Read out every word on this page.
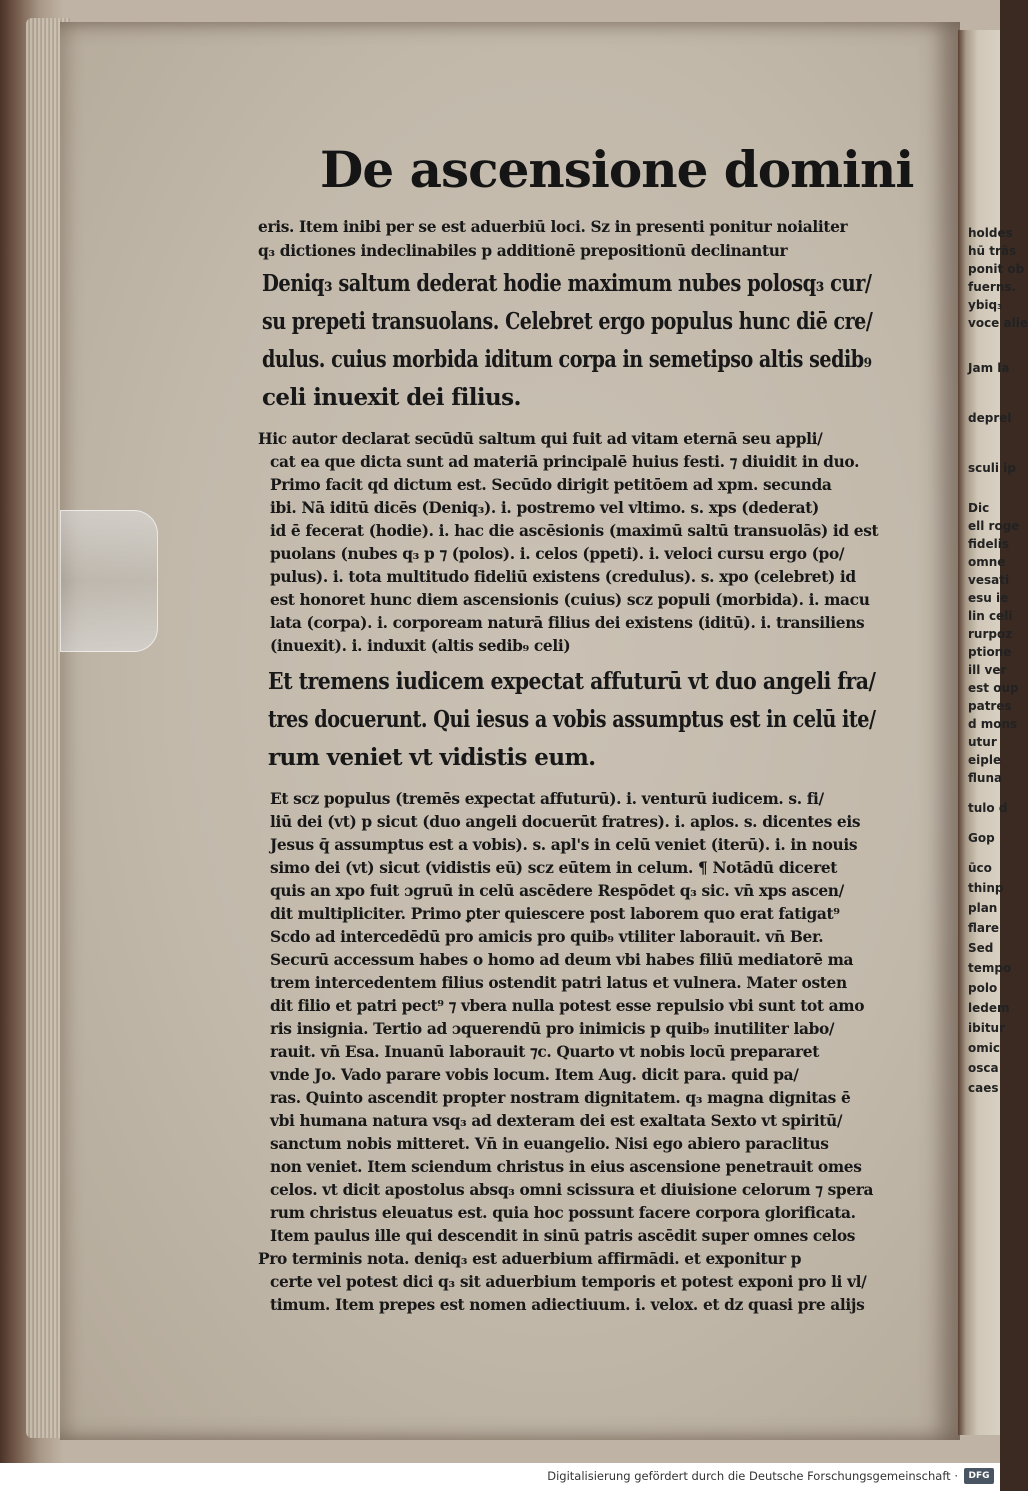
holdes
hū trās
ponit ob
fuerns.
ybiq₃
voce alie
Jam la
deprel
sculi ip
Dic
ell roge
fidelis
omne
vesati
esu ie
lin celi
rurpoz
ptione
ill ver
est oup
patres
d mons
utur
eiple
fluna
tulo d
Gop
ūco
thinp
plan
flare
Sed
tempo
polo
ledem
ibitur
omic
osca
caes
De ascensione domini
eris. Item inibi per se est aduerbiū loci. Sz in presenti ponitur noialiter
q₃ dictiones indeclinabiles p additionē prepositionū declinantur
Deniq₃ saltum dederat hodie maximum nubes polosq₃ cur/
su prepeti transuolans. Celebret ergo populus hunc diē cre/
dulus. cuius morbida iditum corpa in semetipso altis sedib₉
celi inuexit dei filius.
Hic autor declarat secūdū saltum qui fuit ad vitam eternā seu appli/
cat ea que dicta sunt ad materiā principalē huius festi. ⁊ diuidit in duo.
Primo facit qd dictum est. Secūdo dirigit petitōem ad xpm. secunda
ibi. Nā iditū dicēs (Deniq₃). i. postremo vel vltimo. s. xps (dederat)
id ē fecerat (hodie). i. hac die ascēsionis (maximū saltū transuolās) id est
puolans (nubes q₃ p ⁊ (polos). i. celos (ppeti). i. veloci cursu ergo (po/
pulus). i. tota multitudo fideliū existens (credulus). s. xpo (celebret) id
est honoret hunc diem ascensionis (cuius) scz populi (morbida). i. macu
lata (corpa). i. corpoream naturā filius dei existens (iditū). i. transiliens
(inuexit). i. induxit (altis sedib₉ celi)
Et tremens iudicem expectat affuturū vt duo angeli fra/
tres docuerunt. Qui iesus a vobis assumptus est in celū ite/
rum veniet vt vidistis eum.
Et scz populus (tremēs expectat affuturū). i. venturū iudicem. s. fi/
liū dei (vt) p sicut (duo angeli docuerūt fratres). i. aplos. s. dicentes eis
Jesus q̄ assumptus est a vobis). s. apl's in celū veniet (iterū). i. in nouis
simo dei (vt) sicut (vidistis eū) scz eūtem in celum. ¶ Notādū diceret
quis an xpo fuit ɔgruū in celū ascēdere Respōdet q₃ sic. vn̄ xps ascen/
dit multipliciter. Primo ꝑter quiescere post laborem quo erat fatigat⁹
Scdo ad intercedēdū pro amicis pro quib₉ vtiliter laborauit. vn̄ Ber.
Securū accessum habes o homo ad deum vbi habes filiū mediatorē ma
trem intercedentem filius ostendit patri latus et vulnera. Mater osten
dit filio et patri pect⁹ ⁊ vbera nulla potest esse repulsio vbi sunt tot amo
ris insignia. Tertio ad ɔquerendū pro inimicis p quib₉ inutiliter labo/
rauit. vn̄ Esa. Inuanū laborauit ⁊c. Quarto vt nobis locū prepararet
vnde Jo. Vado parare vobis locum. Item Aug. dicit para. quid pa/
ras. Quinto ascendit propter nostram dignitatem. q₃ magna dignitas ē
vbi humana natura vsq₃ ad dexteram dei est exaltata Sexto vt spiritū/
sanctum nobis mitteret. Vn̄ in euangelio. Nisi ego abiero paraclitus
non veniet. Item sciendum christus in eius ascensione penetrauit omes
celos. vt dicit apostolus absq₃ omni scissura et diuisione celorum ⁊ spera
rum christus eleuatus est. quia hoc possunt facere corpora glorificata.
Item paulus ille qui descendit in sinū patris ascēdit super omnes celos
Pro terminis nota. deniq₃ est aduerbium affirmādi. et exponitur p
certe vel potest dici q₃ sit aduerbium temporis et potest exponi pro li vl/
timum. Item prepes est nomen adiectiuum. i. velox. et dz quasi pre alijs
Digitalisierung gefördert durch die Deutsche Forschungsgemeinschaft ·	DFG
